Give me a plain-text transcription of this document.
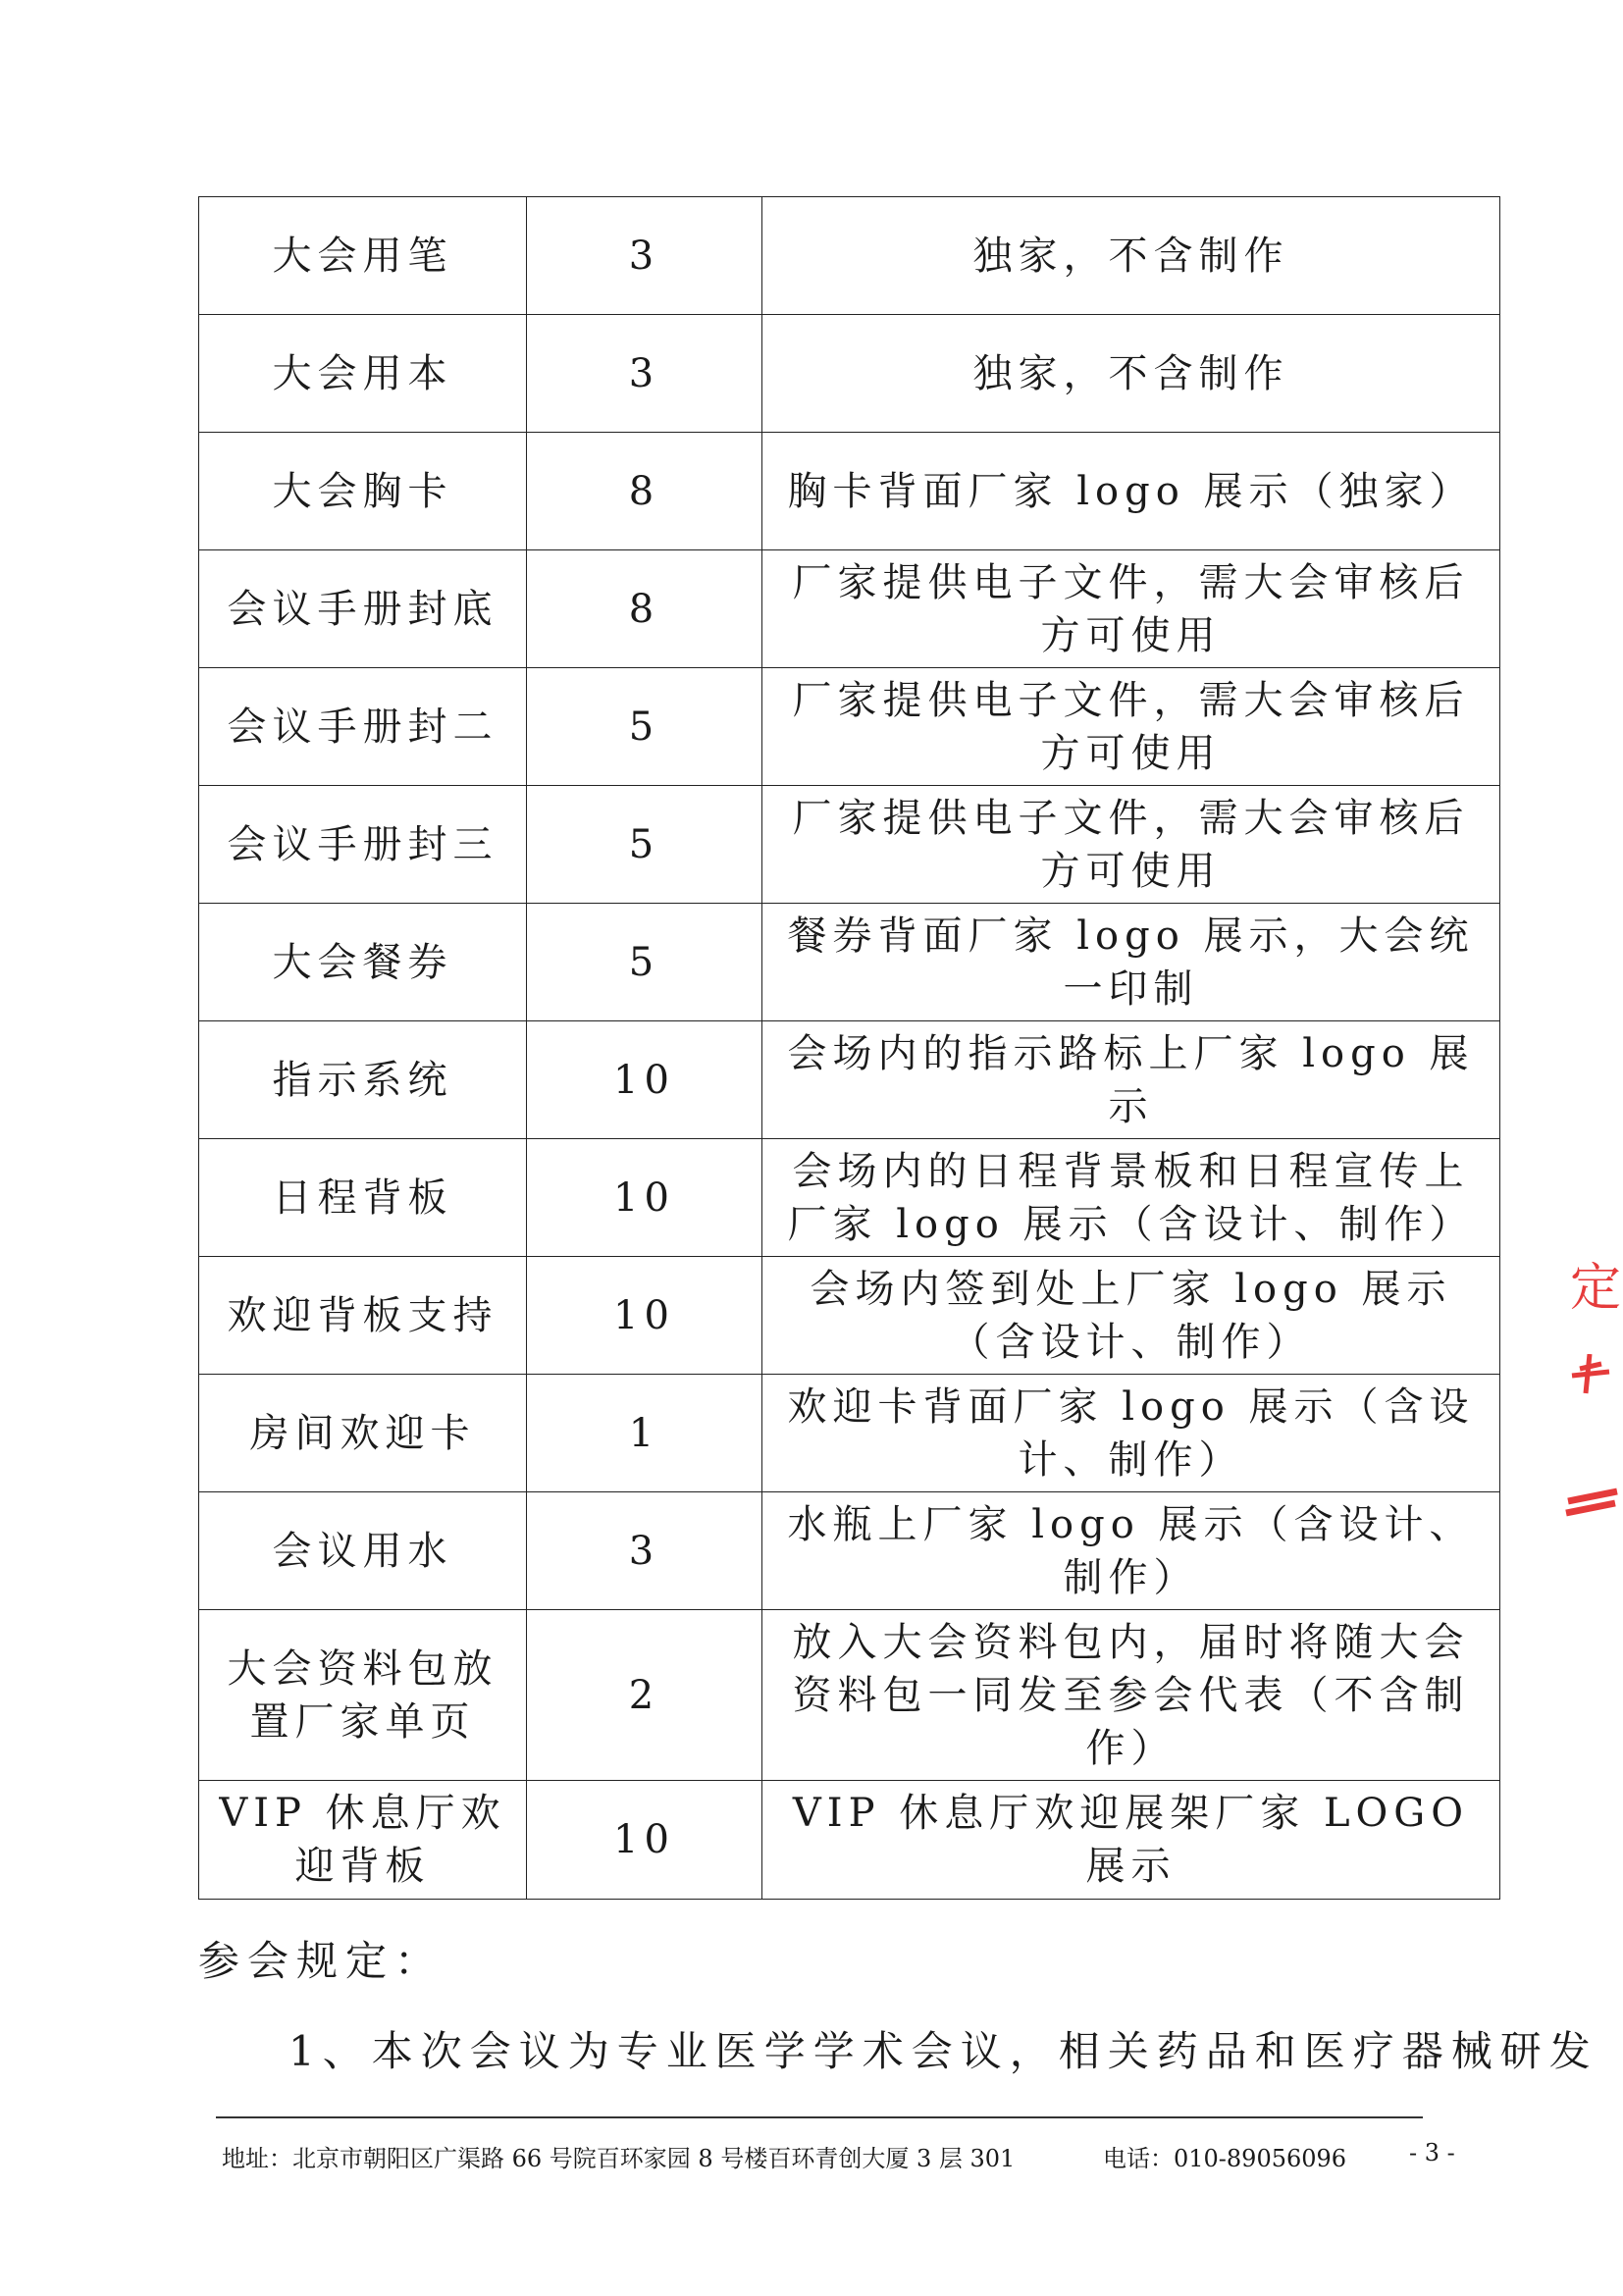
大会用笔	3	独家，不含制作
大会用本	3	独家，不含制作
大会胸卡	8	胸卡背面厂家 logo 展示（独家）
会议手册封底	8	厂家提供电子文件，需大会审核后方可使用
会议手册封二	5	厂家提供电子文件，需大会审核后方可使用
会议手册封三	5	厂家提供电子文件，需大会审核后方可使用
大会餐券	5	餐券背面厂家 logo 展示，大会统一印制
指示系统	10	会场内的指示路标上厂家 logo 展示
日程背板	10	会场内的日程背景板和日程宣传上厂家 logo 展示（含设计、制作）
欢迎背板支持	10	会场内签到处上厂家 logo 展示（含设计、制作）
房间欢迎卡	1	欢迎卡背面厂家 logo 展示（含设计、制作）
会议用水	3	水瓶上厂家 logo 展示（含设计、制作）
大会资料包放置厂家单页	2	放入大会资料包内，届时将随大会资料包一同发至参会代表（不含制作）
VIP 休息厅欢迎背板	10	VIP 休息厅欢迎展架厂家 LOGO 展示
参会规定：
1、本次会议为专业医学学术会议，相关药品和医疗器械研发
地址：北京市朝阳区广渠路 66 号院百环家园 8 号楼百环青创大厦 3 层 301	电话：010-89056096	- 3 -
定
